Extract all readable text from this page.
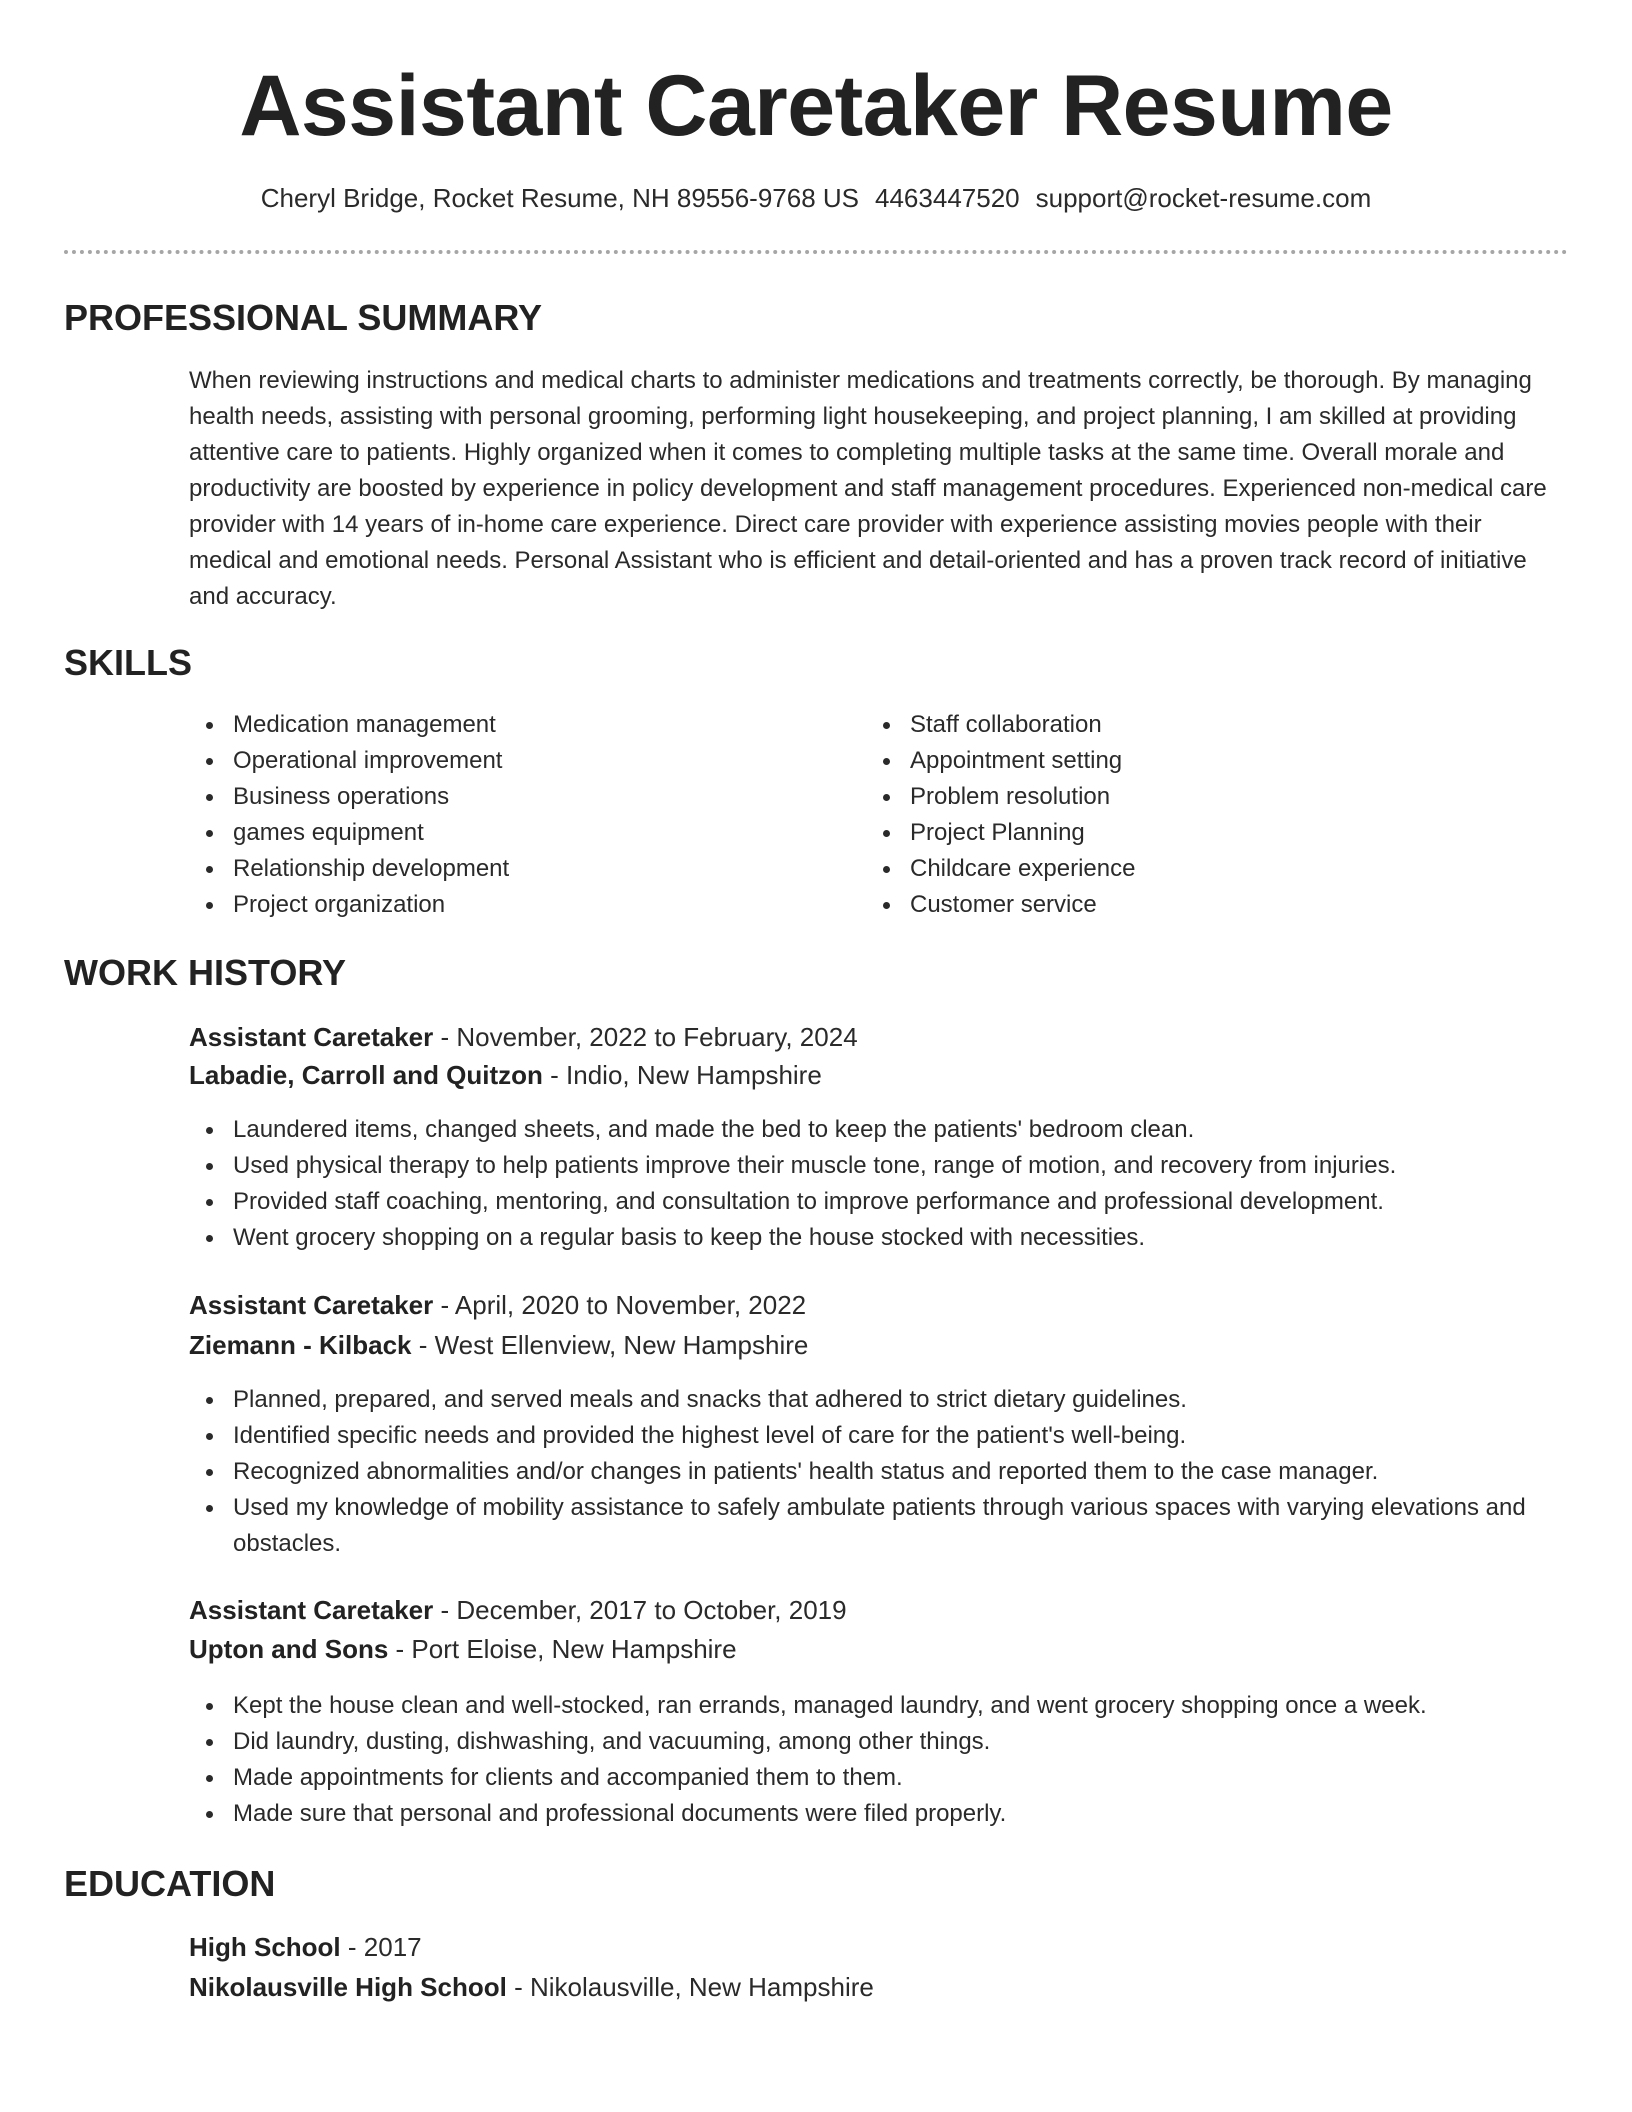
Assistant Caretaker Resume
Cheryl Bridge, Rocket Resume, NH 89556-9768 US 4463447520 support@rocket-resume.com
PROFESSIONAL SUMMARY

When reviewing instructions and medical charts to administer medications and treatments correctly, be thorough. By managing health needs, assisting with personal grooming, performing light housekeeping, and project planning, I am skilled at providing attentive care to patients. Highly organized when it comes to completing multiple tasks at the same time. Overall morale and productivity are boosted by experience in policy development and staff management procedures. Experienced non-medical care provider with 14 years of in-home care experience. Direct care provider with experience assisting movies people with their medical and emotional needs. Personal Assistant who is efficient and detail-oriented and has a proven track record of initiative and accuracy.

SKILLS
Medication management
Operational improvement
Business operations
games equipment
Relationship development
Project organization
Staff collaboration
Appointment setting
Problem resolution
Project Planning
Childcare experience
Customer service
WORK HISTORY
Assistant Caretaker - November, 2022 to February, 2024
Labadie, Carroll and Quitzon - Indio, New Hampshire
Laundered items, changed sheets, and made the bed to keep the patients' bedroom clean.
Used physical therapy to help patients improve their muscle tone, range of motion, and recovery from injuries.
Provided staff coaching, mentoring, and consultation to improve performance and professional development.
Went grocery shopping on a regular basis to keep the house stocked with necessities.
Assistant Caretaker - April, 2020 to November, 2022
Ziemann - Kilback - West Ellenview, New Hampshire
Planned, prepared, and served meals and snacks that adhered to strict dietary guidelines.
Identified specific needs and provided the highest level of care for the patient's well-being.
Recognized abnormalities and/or changes in patients' health status and reported them to the case manager.
Used my knowledge of mobility assistance to safely ambulate patients through various spaces with varying elevations and obstacles.
Assistant Caretaker - December, 2017 to October, 2019
Upton and Sons - Port Eloise, New Hampshire
Kept the house clean and well-stocked, ran errands, managed laundry, and went grocery shopping once a week.
Did laundry, dusting, dishwashing, and vacuuming, among other things.
Made appointments for clients and accompanied them to them.
Made sure that personal and professional documents were filed properly.
EDUCATION
High School - 2017
Nikolausville High School - Nikolausville, New Hampshire
